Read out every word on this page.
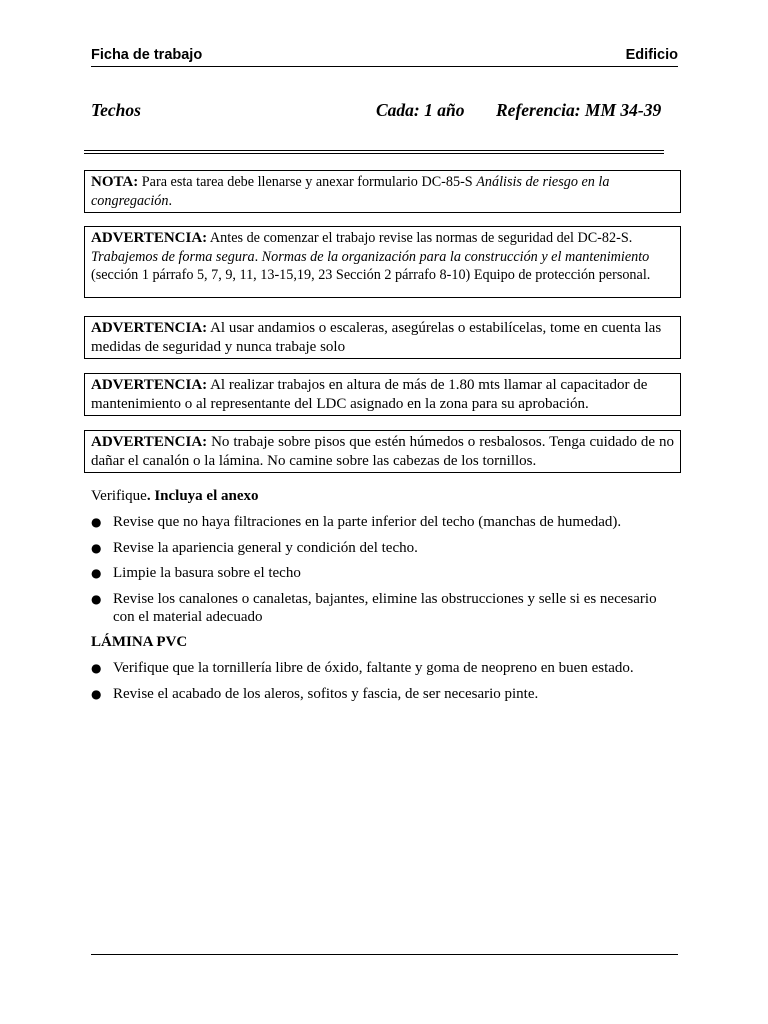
Ficha de trabajo	Edificio
Techos	Cada: 1 año Referencia: MM 34-39
NOTA: Para esta tarea debe llenarse y anexar formulario DC-85-S Análisis de riesgo en la congregación.
ADVERTENCIA: Antes de comenzar el trabajo revise las normas de seguridad del DC-82-S. Trabajemos de forma segura. Normas de la organización para la construcción y el mantenimiento (sección 1 párrafo 5, 7, 9, 11, 13-15,19, 23 Sección 2 párrafo 8-10) Equipo de protección personal.
ADVERTENCIA: Al usar andamios o escaleras, asegúrelas o estabilícelas, tome en cuenta las medidas de seguridad y nunca trabaje solo
ADVERTENCIA: Al realizar trabajos en altura de más de 1.80 mts llamar al capacitador de mantenimiento o al representante del LDC asignado en la zona para su aprobación.
ADVERTENCIA: No trabaje sobre pisos que estén húmedos o resbalosos. Tenga cuidado de no dañar el canalón o la lámina. No camine sobre las cabezas de los tornillos.
Verifique. Incluya el anexo
● Revise que no haya filtraciones en la parte inferior del techo (manchas de humedad).
● Revise la apariencia general y condición del techo.
● Limpie la basura sobre el techo
● Revise los canalones o canaletas, bajantes, elimine las obstrucciones y selle si es necesario con el material adecuado
LÁMINA PVC
● Verifique que la tornillería libre de óxido, faltante y goma de neopreno en buen estado.
● Revise el acabado de los aleros, sofitos y fascia, de ser necesario pinte.
